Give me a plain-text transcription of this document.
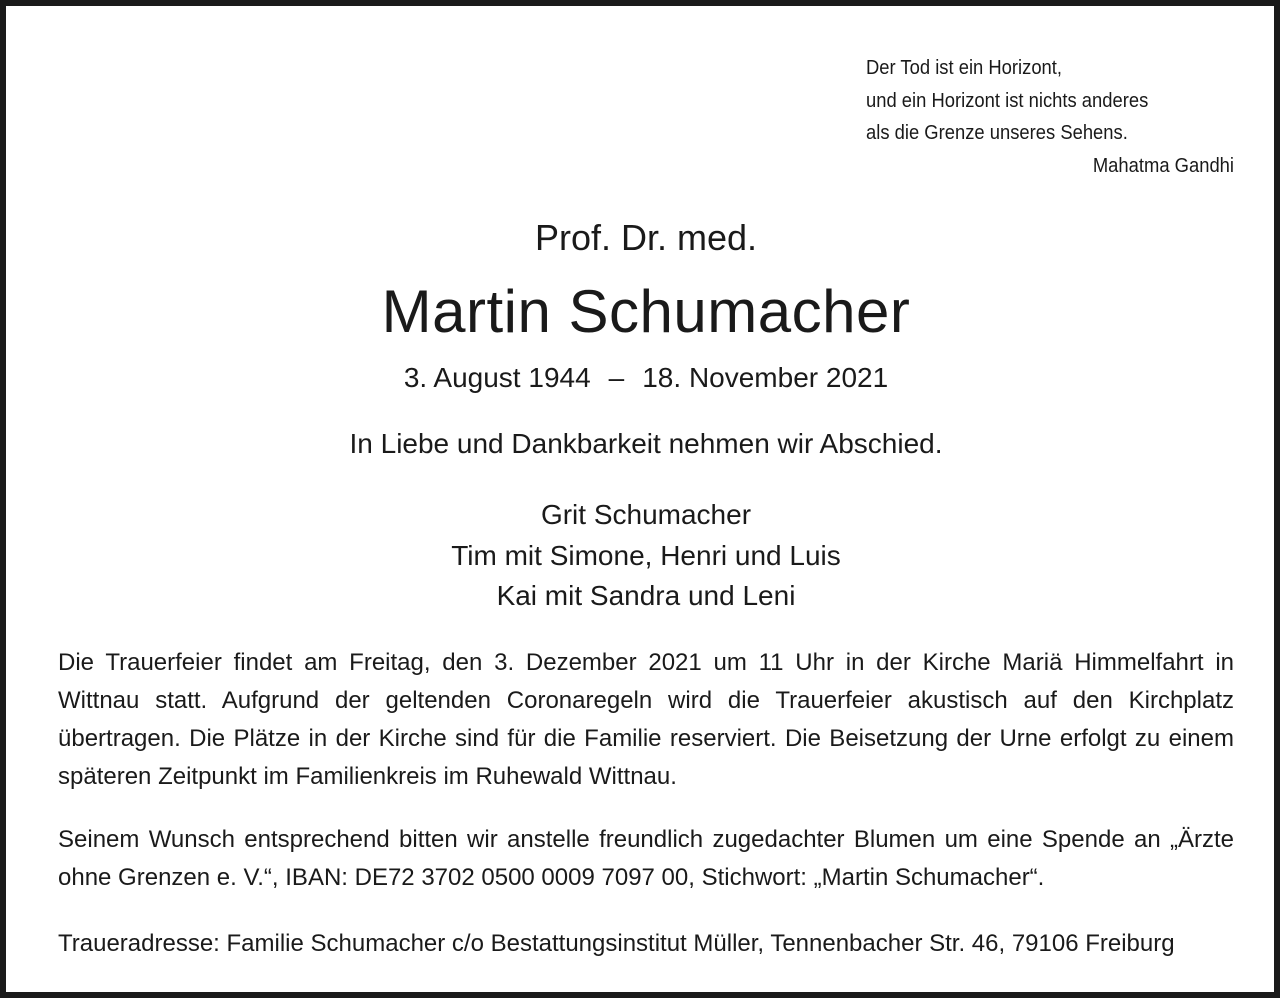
Der Tod ist ein Horizont,
und ein Horizont ist nichts anderes
als die Grenze unseres Sehens.
Mahatma Gandhi
Prof. Dr. med.
Martin Schumacher
3. August 1944 – 18. November 2021
In Liebe und Dankbarkeit nehmen wir Abschied.
Grit Schumacher
Tim mit Simone, Henri und Luis
Kai mit Sandra und Leni
Die Trauerfeier findet am Freitag, den 3. Dezember 2021 um 11 Uhr in der Kirche Mariä Himmelfahrt in Wittnau statt. Aufgrund der geltenden Coronaregeln wird die Trauerfeier akustisch auf den Kirchplatz übertragen. Die Plätze in der Kirche sind für die Familie reserviert. Die Beisetzung der Urne erfolgt zu einem späteren Zeitpunkt im Familienkreis im Ruhewald Wittnau.
Seinem Wunsch entsprechend bitten wir anstelle freundlich zugedachter Blumen um eine Spende an „Ärzte ohne Grenzen e. V.“, IBAN: DE72 3702 0500 0009 7097 00, Stichwort: „Martin Schumacher“.
Traueradresse: Familie Schumacher c/o Bestattungsinstitut Müller, Tennenbacher Str. 46, 79106 Freiburg
